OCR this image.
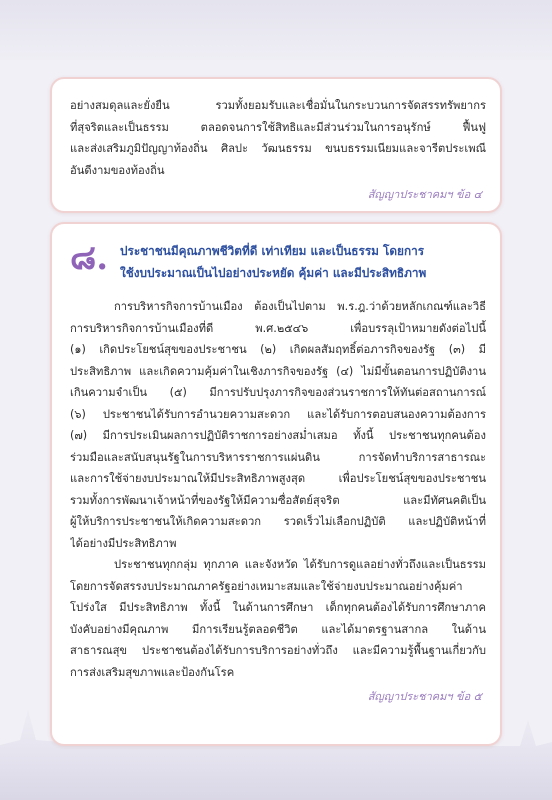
อย่างสมดุลและยั่งยืน รวมทั้งยอมรับและเชื่อมั่นในกระบวนการจัดสรรทรัพยากร
ที่สุจริตและเป็นธรรม ตลอดจนการใช้สิทธิและมีส่วนร่วมในการอนุรักษ์ ฟื้นฟู
และส่งเสริมภูมิปัญญาท้องถิ่น ศิลปะ วัฒนธรรม ขนบธรรมเนียมและจารีตประเพณี
อันดีงามของท้องถิ่น

สัญญาประชาคมฯ ข้อ ๔
๘. ประชาชนมีคุณภาพชีวิตที่ดี เท่าเทียม และเป็นธรรม โดยการ
ใช้งบประมาณเป็นไปอย่างประหยัด คุ้มค่า และมีประสิทธิภาพ

การบริหารกิจการบ้านเมือง ต้องเป็นไปตาม พ.ร.ฎ.ว่าด้วยหลักเกณฑ์และวิธี
การบริหารกิจการบ้านเมืองที่ดี พ.ศ.๒๕๔๖ เพื่อบรรลุเป้าหมายดังต่อไปนี้
(๑) เกิดประโยชน์สุขของประชาชน (๒) เกิดผลสัมฤทธิ์ต่อภารกิจของรัฐ (๓) มี
ประสิทธิภาพ และเกิดความคุ้มค่าในเชิงภารกิจของรัฐ (๔) ไม่มีขั้นตอนการปฏิบัติงาน
เกินความจำเป็น (๕) มีการปรับปรุงภารกิจของส่วนราชการให้ทันต่อสถานการณ์
(๖) ประชาชนได้รับการอำนวยความสะดวก และได้รับการตอบสนองความต้องการ
(๗) มีการประเมินผลการปฏิบัติราชการอย่างสม่ำเสมอ ทั้งนี้ ประชาชนทุกคนต้อง
ร่วมมือและสนับสนุนรัฐในการบริหารราชการแผ่นดิน การจัดทำบริการสาธารณะ
และการใช้จ่ายงบประมาณให้มีประสิทธิภาพสูงสุด เพื่อประโยชน์สุขของประชาชน
รวมทั้งการพัฒนาเจ้าหน้าที่ของรัฐให้มีความซื่อสัตย์สุจริต และมีทัศนคติเป็น
ผู้ให้บริการประชาชนให้เกิดความสะดวก รวดเร็วไม่เลือกปฏิบัติ และปฏิบัติหน้าที่
ได้อย่างมีประสิทธิภาพ

ประชาชนทุกกลุ่ม ทุกภาค และจังหวัด ได้รับการดูแลอย่างทั่วถึงและเป็นธรรม
โดยการจัดสรรงบประมาณภาครัฐอย่างเหมาะสมและใช้จ่ายงบประมาณอย่างคุ้มค่า
โปร่งใส มีประสิทธิภาพ ทั้งนี้ ในด้านการศึกษา เด็กทุกคนต้องได้รับการศึกษาภาค
บังคับอย่างมีคุณภาพ มีการเรียนรู้ตลอดชีวิต และได้มาตรฐานสากล ในด้าน
สาธารณสุข ประชาชนต้องได้รับการบริการอย่างทั่วถึง และมีความรู้พื้นฐานเกี่ยวกับ
การส่งเสริมสุขภาพและป้องกันโรค

สัญญาประชาคมฯ ข้อ ๕
